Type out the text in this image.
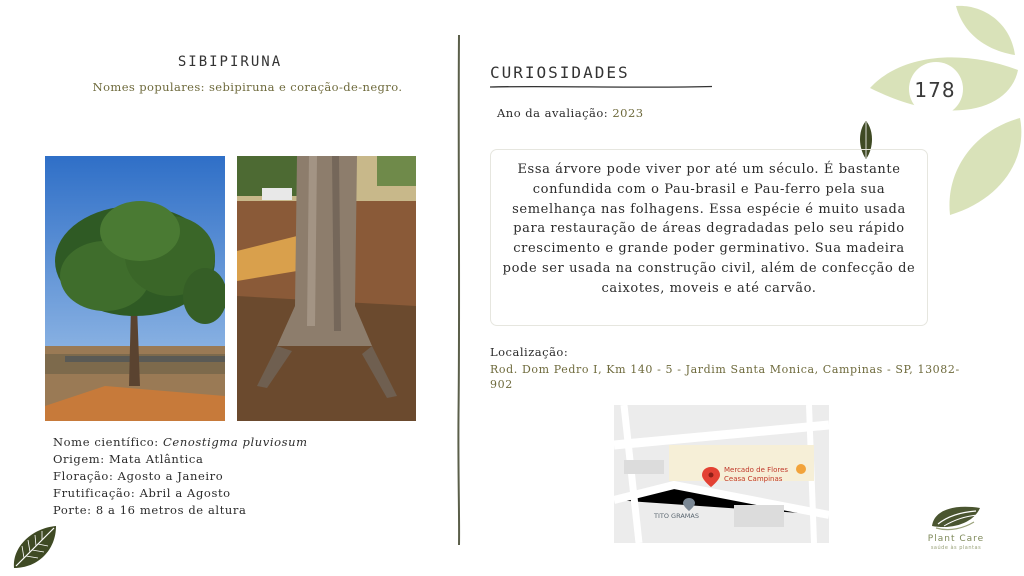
178
SIBIPIRUNA
Nomes populares: sebipiruna e coração-de-negro.
Nome científico: Cenostigma pluviosum
Origem: Mata Atlântica
Floração: Agosto a Janeiro
Frutificação: Abril a Agosto
Porte: 8 a 16 metros de altura
CURIOSIDADES
Ano da avaliação: 2023
Essa árvore pode viver por até um século. É bastante confundida com o Pau-brasil e Pau-ferro pela sua semelhança nas folhagens. Essa espécie é muito usada para restauração de áreas degradadas pelo seu rápido crescimento e grande poder germinativo. Sua madeira pode ser usada na construção civil, além de confecção de caixotes, moveis e até carvão.
Localização:
Rod. Dom Pedro I, Km 140 - 5 - Jardim Santa Monica, Campinas - SP, 13082-902
Mercado de Flores
Ceasa Campinas
TITO GRAMAS
Plant Care
saúde às plantas
